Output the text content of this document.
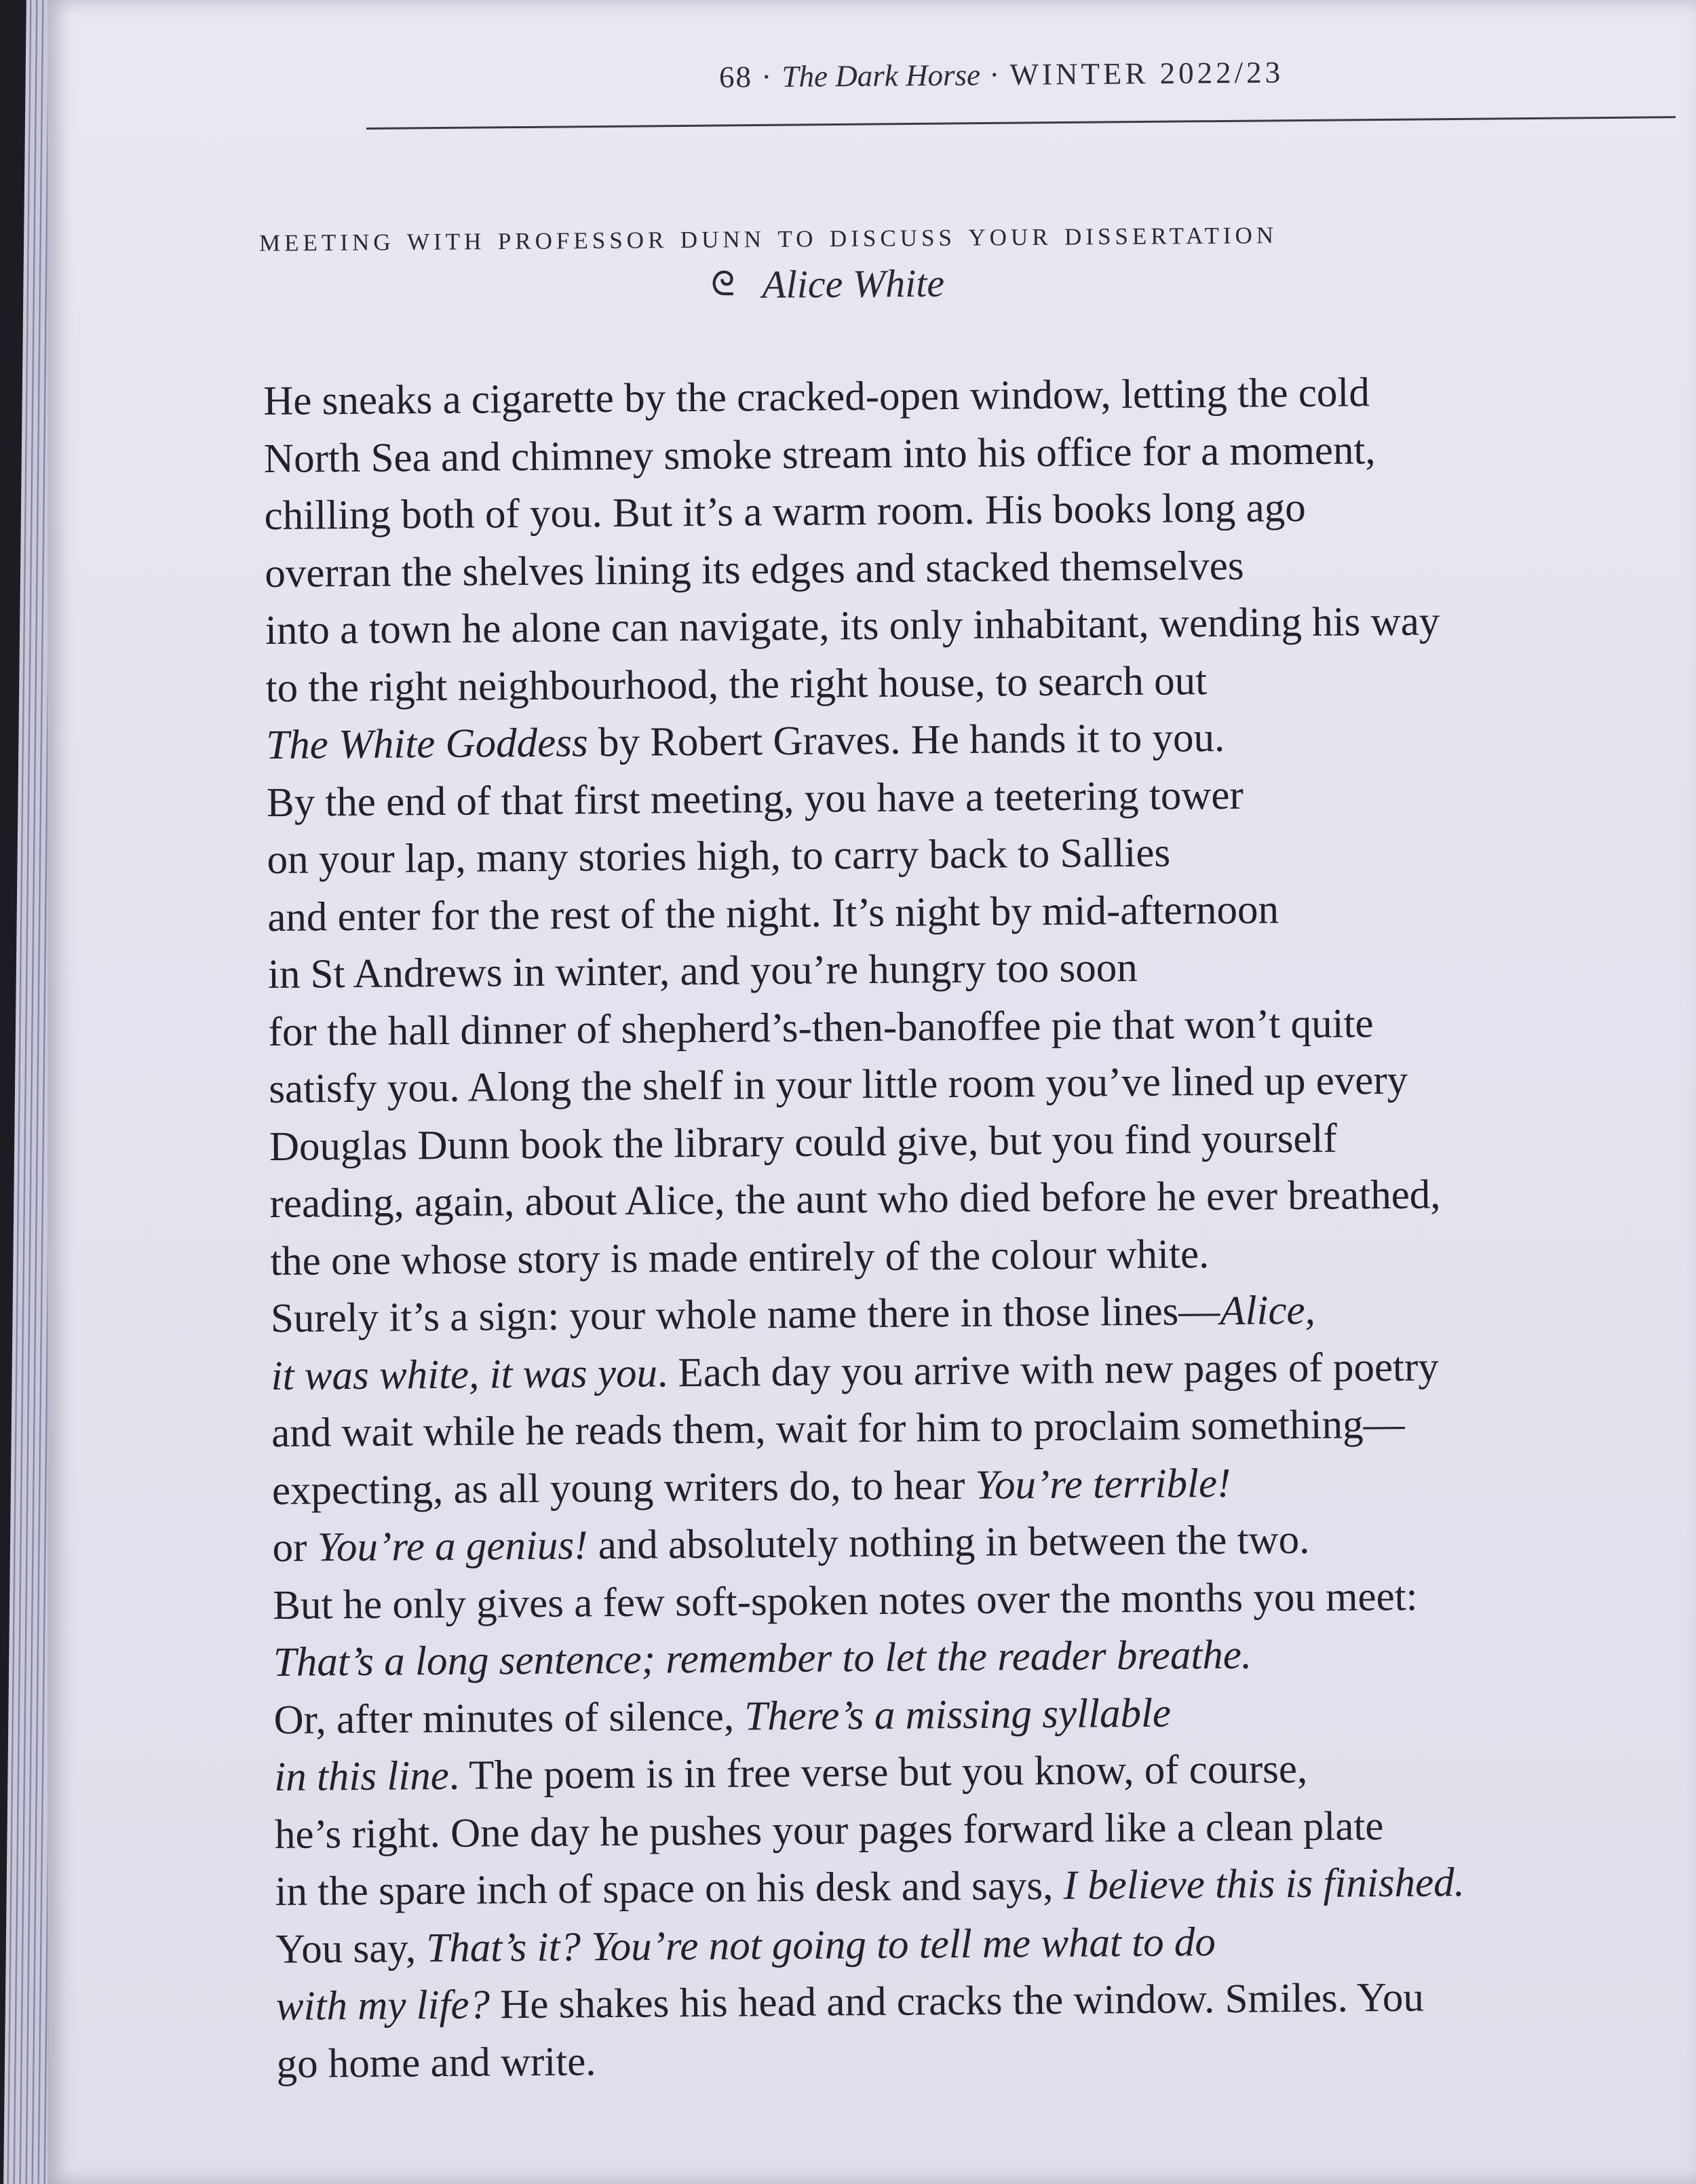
68 · The Dark Horse · WINTER 2022/23
meeting with professor dunn to discuss your dissertation
ᘓ Alice White
He sneaks a cigarette by the cracked-open window, letting the cold
North Sea and chimney smoke stream into his office for a moment,
chilling both of you. But it’s a warm room. His books long ago
overran the shelves lining its edges and stacked themselves
into a town he alone can navigate, its only inhabitant, wending his way
to the right neighbourhood, the right house, to search out
The White Goddess by Robert Graves. He hands it to you.
By the end of that first meeting, you have a teetering tower
on your lap, many stories high, to carry back to Sallies
and enter for the rest of the night. It’s night by mid-afternoon
in St Andrews in winter, and you’re hungry too soon
for the hall dinner of shepherd’s-then-banoffee pie that won’t quite
satisfy you. Along the shelf in your little room you’ve lined up every
Douglas Dunn book the library could give, but you find yourself
reading, again, about Alice, the aunt who died before he ever breathed,
the one whose story is made entirely of the colour white.
Surely it’s a sign: your whole name there in those lines—Alice,
it was white, it was you. Each day you arrive with new pages of poetry
and wait while he reads them, wait for him to proclaim something—
expecting, as all young writers do, to hear You’re terrible!
or You’re a genius! and absolutely nothing in between the two.
But he only gives a few soft-spoken notes over the months you meet:
That’s a long sentence; remember to let the reader breathe.
Or, after minutes of silence, There’s a missing syllable
in this line. The poem is in free verse but you know, of course,
he’s right. One day he pushes your pages forward like a clean plate
in the spare inch of space on his desk and says, I believe this is finished.
You say, That’s it? You’re not going to tell me what to do
with my life? He shakes his head and cracks the window. Smiles. You
go home and write.
